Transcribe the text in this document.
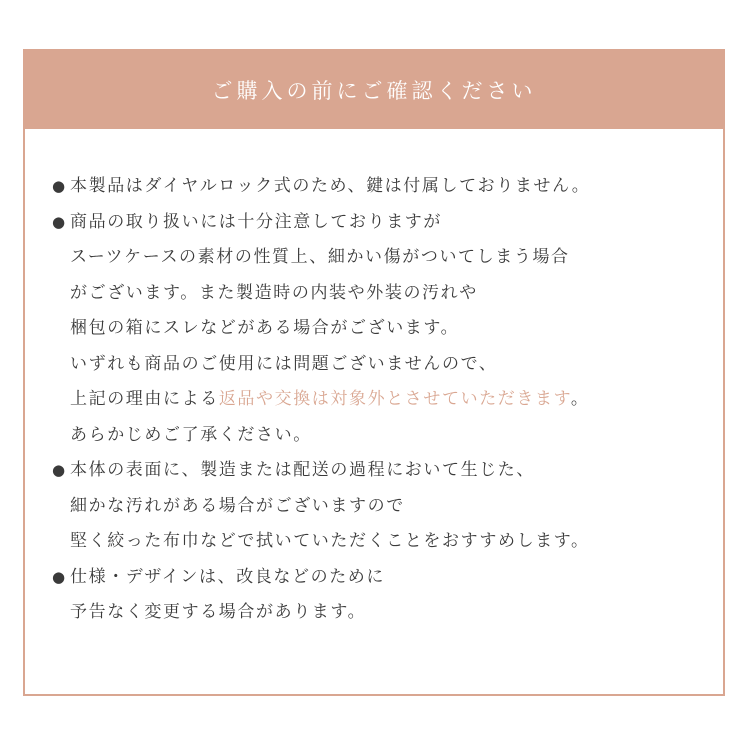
ご購入の前にご確認ください
● 本製品はダイヤルロック式のため、鍵は付属しておりません。
● 商品の取り扱いには十分注意しておりますが
スーツケースの素材の性質上、細かい傷がついてしまう場合
がございます。また製造時の内装や外装の汚れや
梱包の箱にスレなどがある場合がございます。
いずれも商品のご使用には問題ございませんので、
上記の理由による返品や交換は対象外とさせていただきます。
あらかじめご了承ください。
● 本体の表面に、製造または配送の過程において生じた、
細かな汚れがある場合がございますので
堅く絞った布巾などで拭いていただくことをおすすめします。
● 仕様・デザインは、改良などのために
予告なく変更する場合があります。
